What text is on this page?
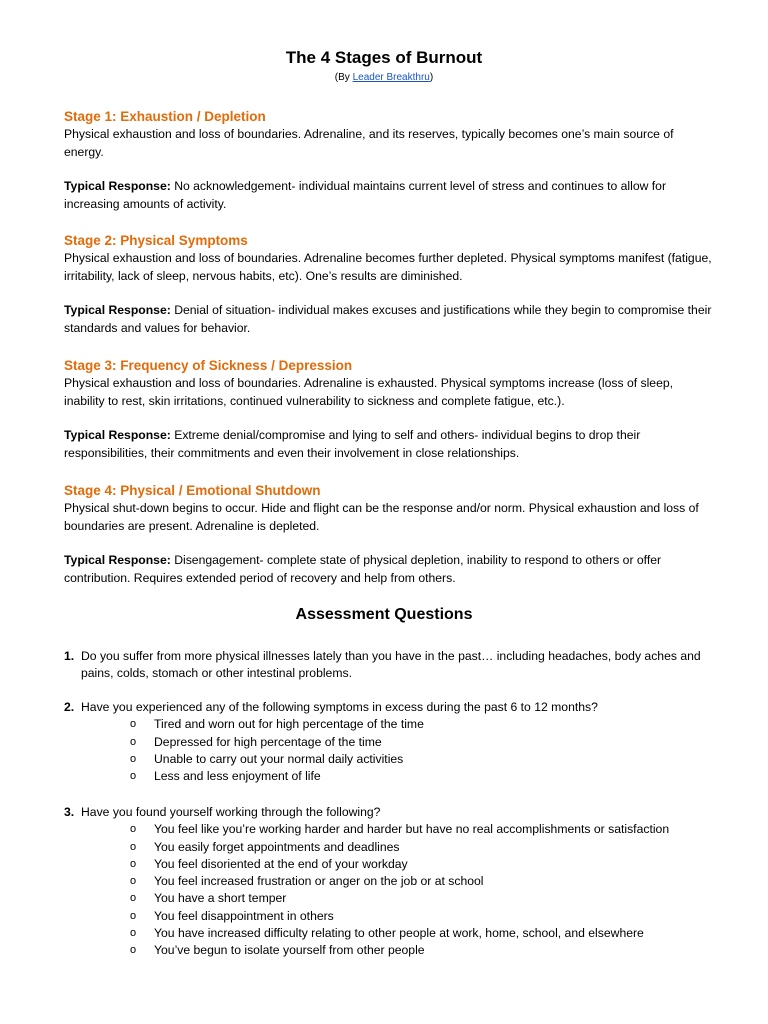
The 4 Stages of Burnout
(By Leader Breakthru)
Stage 1: Exhaustion / Depletion

Physical exhaustion and loss of boundaries. Adrenaline, and its reserves, typically becomes one’s main source of energy.

Typical Response: No acknowledgement- individual maintains current level of stress and continues to allow for increasing amounts of activity.

Stage 2: Physical Symptoms

Physical exhaustion and loss of boundaries. Adrenaline becomes further depleted. Physical symptoms manifest (fatigue, irritability, lack of sleep, nervous habits, etc). One’s results are diminished.

Typical Response: Denial of situation- individual makes excuses and justifications while they begin to compromise their standards and values for behavior.

Stage 3: Frequency of Sickness / Depression

Physical exhaustion and loss of boundaries. Adrenaline is exhausted. Physical symptoms increase (loss of sleep, inability to rest, skin irritations, continued vulnerability to sickness and complete fatigue, etc.).

Typical Response: Extreme denial/compromise and lying to self and others- individual begins to drop their responsibilities, their commitments and even their involvement in close relationships.

Stage 4: Physical / Emotional Shutdown

Physical shut-down begins to occur. Hide and flight can be the response and/or norm. Physical exhaustion and loss of boundaries are present. Adrenaline is depleted.

Typical Response: Disengagement- complete state of physical depletion, inability to respond to others or offer contribution. Requires extended period of recovery and help from others.

Assessment Questions
1. Do you suffer from more physical illnesses lately than you have in the past… including headaches, body aches and pains, colds, stomach or other intestinal problems.
2. Have you experienced any of the following symptoms in excess during the past 6 to 12 months?
o Tired and worn out for high percentage of the time
o Depressed for high percentage of the time
o Unable to carry out your normal daily activities
o Less and less enjoyment of life
3. Have you found yourself working through the following?
o You feel like you’re working harder and harder but have no real accomplishments or satisfaction
o You easily forget appointments and deadlines
o You feel disoriented at the end of your workday
o You feel increased frustration or anger on the job or at school
o You have a short temper
o You feel disappointment in others
o You have increased difficulty relating to other people at work, home, school, and elsewhere
o You’ve begun to isolate yourself from other people
